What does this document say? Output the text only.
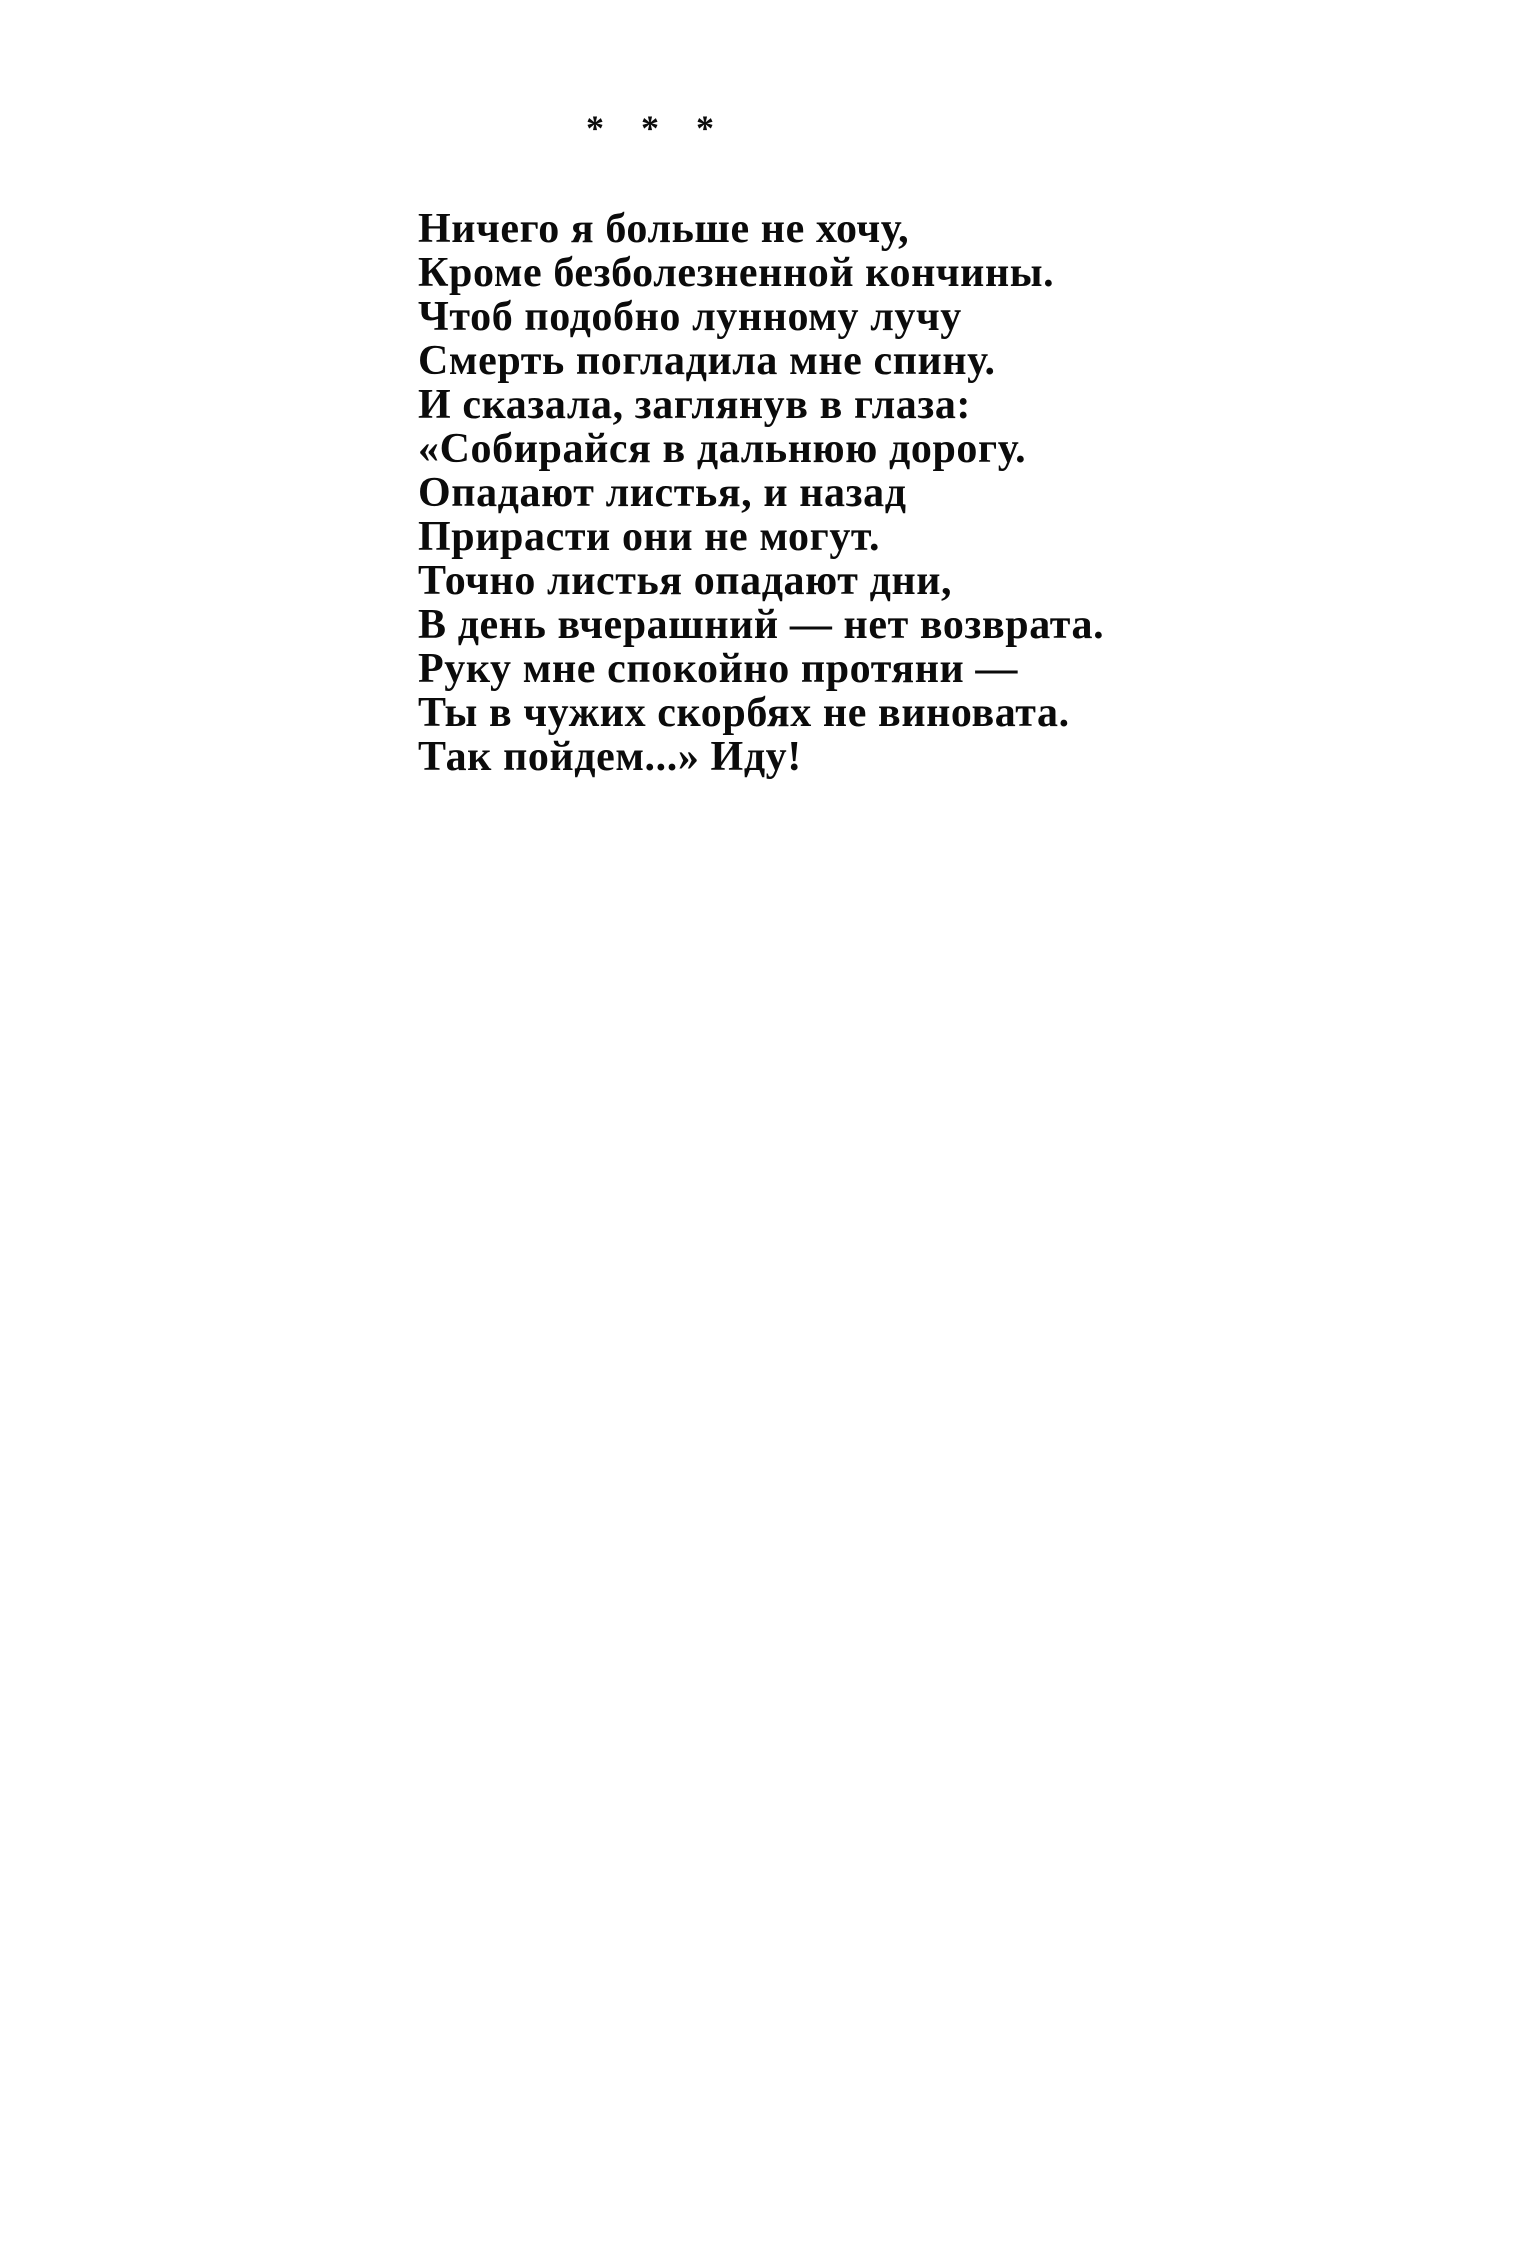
* * *
Ничего я больше не хочу,
Кроме безболезненной кончины.
Чтоб подобно лунному лучу
Смерть погладила мне спину.
И сказала, заглянув в глаза:
«Собирайся в дальнюю дорогу.
Опадают листья, и назад
Прирасти они не могут.
Точно листья опадают дни,
В день вчерашний — нет возврата.
Руку мне спокойно протяни —
Ты в чужих скорбях не виновата.
Так пойдем...» Иду!
